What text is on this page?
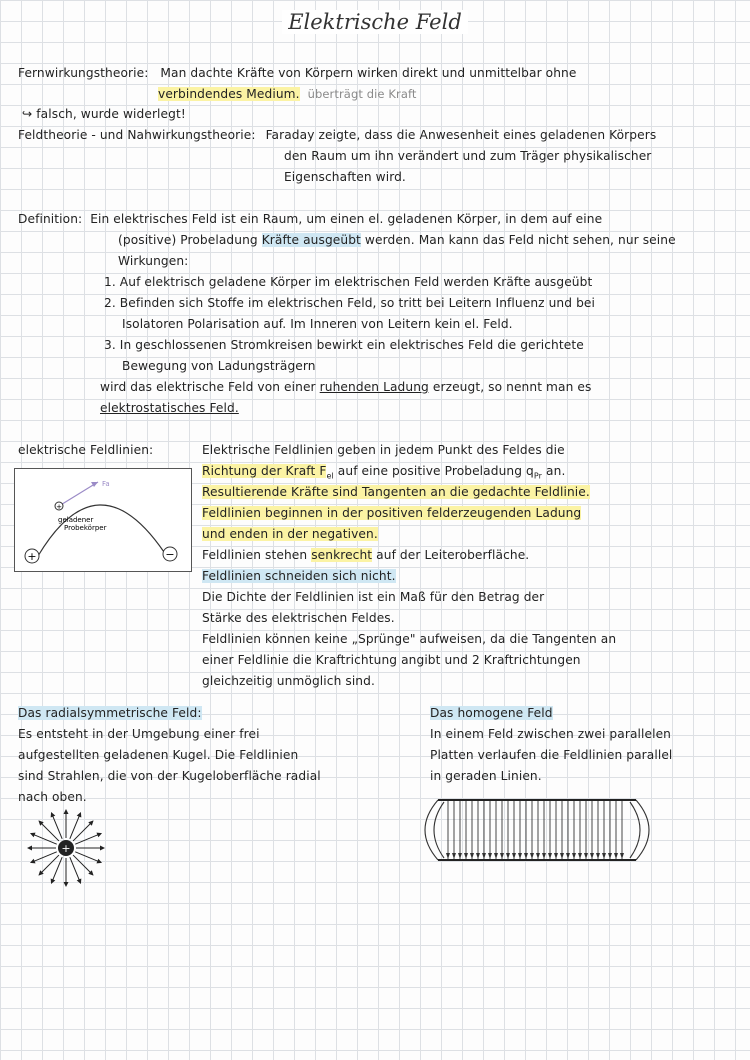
Elektrische Feld
Fernwirkungstheorie: Man dachte Kräfte von Körpern wirken direkt und unmittelbar ohne
verbindendes Medium. überträgt die Kraft
↪ falsch, wurde widerlegt!
Feldtheorie - und Nahwirkungstheorie: Faraday zeigte, dass die Anwesenheit eines geladenen Körpers
den Raum um ihn verändert und zum Träger physikalischer
Eigenschaften wird.
Definition: Ein elektrisches Feld ist ein Raum, um einen el. geladenen Körper, in dem auf eine
(positive) Probeladung Kräfte ausgeübt werden. Man kann das Feld nicht sehen, nur seine
Wirkungen:
1. Auf elektrisch geladene Körper im elektrischen Feld werden Kräfte ausgeübt
2. Befinden sich Stoffe im elektrischen Feld, so tritt bei Leitern Influenz und bei
Isolatoren Polarisation auf. Im Inneren von Leitern kein el. Feld.
3. In geschlossenen Stromkreisen bewirkt ein elektrisches Feld die gerichtete
Bewegung von Ladungsträgern
wird das elektrische Feld von einer ruhenden Ladung erzeugt, so nennt man es
elektrostatisches Feld.
elektrische Feldlinien:	Elektrische Feldlinien geben in jedem Punkt des Feldes die
Richtung der Kraft $F_{el}$ auf eine positive Probeladung $q_{Pr}$ an.
Resultierende Kräfte sind Tangenten an die gedachte Feldlinie.
Feldlinien beginnen in der positiven felderzeugenden Ladung
und enden in der negativen.
Feldlinien stehen senkrecht auf der Leiteroberfläche.
Feldlinien schneiden sich nicht.
Die Dichte der Feldlinien ist ein Maß für den Betrag der
Stärke des elektrischen Feldes.
Feldlinien können keine „Sprünge" aufweisen, da die Tangenten an
einer Feldlinie die Kraftrichtung angibt und 2 Kraftrichtungen
gleichzeitig unmöglich sind.
+
+	−
Fa
geladener
Probekörper
Das radialsymmetrische Feld:
Es entsteht in der Umgebung einer frei
aufgestellten geladenen Kugel. Die Feldlinien
sind Strahlen, die von der Kugeloberfläche radial
nach oben.
+
Das homogene Feld
In einem Feld zwischen zwei parallelen
Platten verlaufen die Feldlinien parallel
in geraden Linien.
